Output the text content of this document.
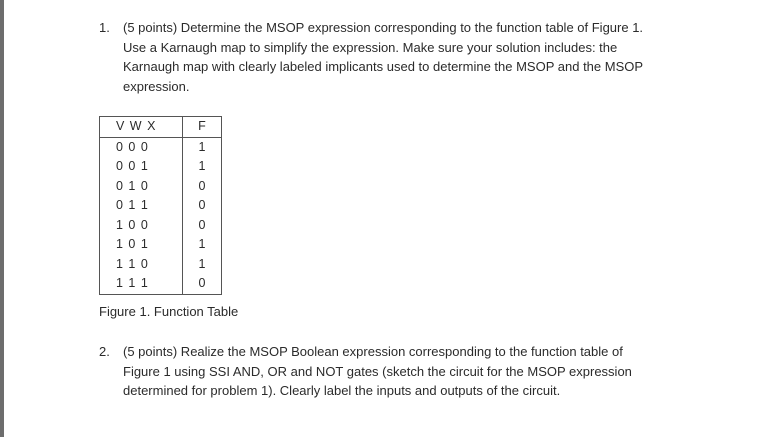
1. (5 points) Determine the MSOP expression corresponding to the function table of Figure 1.
Use a Karnaugh map to simplify the expression. Make sure your solution includes: the
Karnaugh map with clearly labeled implicants used to determine the MSOP and the MSOP
expression.
V W X	F
0 0 0	1
0 0 1	1
0 1 0	0
0 1 1	0
1 0 0	0
1 0 1	1
1 1 0	1
1 1 1	0
Figure 1. Function Table
2. (5 points) Realize the MSOP Boolean expression corresponding to the function table of
Figure 1 using SSI AND, OR and NOT gates (sketch the circuit for the MSOP expression
determined for problem 1). Clearly label the inputs and outputs of the circuit.
